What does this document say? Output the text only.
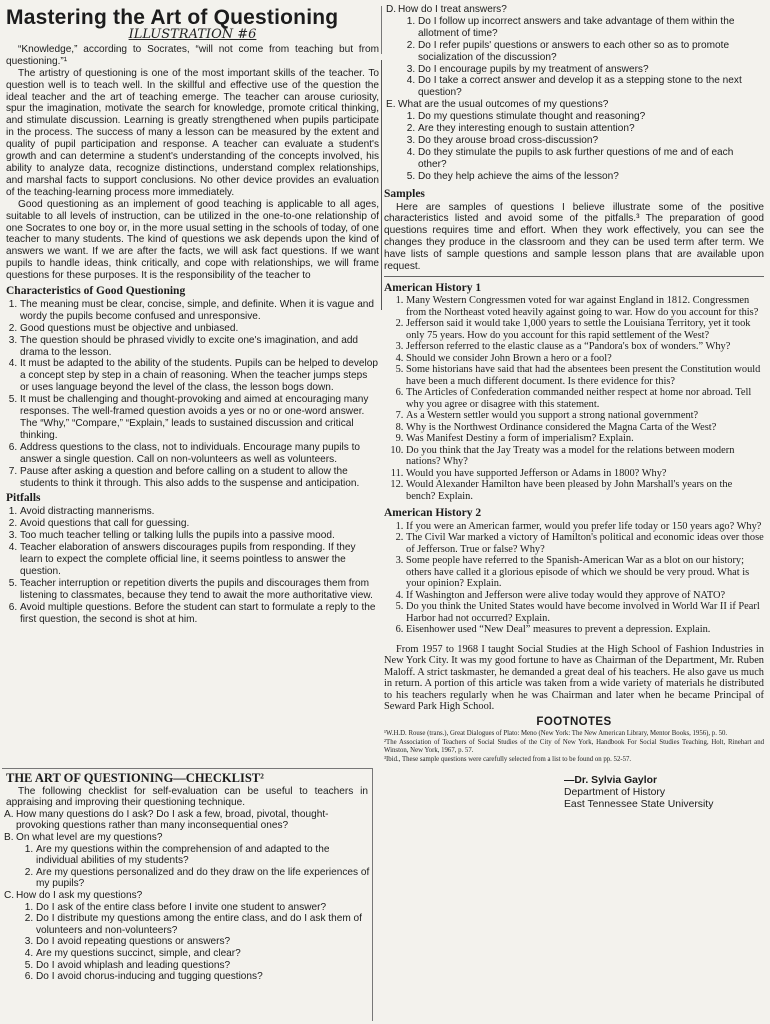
Mastering the Art of Questioning
ILLUSTRATION #6

“Knowledge,” according to Socrates, “will not come from teaching but from questioning.”¹

The artistry of questioning is one of the most important skills of the teacher. To question well is to teach well. In the skillful and effective use of the question the ideal teacher and the art of teaching emerge. The teacher can arouse curiosity, spur the imagination, motivate the search for knowledge, promote critical thinking, and stimulate discussion. Learning is greatly strengthened when pupils participate in the process. The success of many a lesson can be measured by the extent and quality of pupil participation and response. A teacher can evaluate a student's growth and can determine a student's understanding of the concepts involved, his ability to analyze data, recognize distinctions, understand complex relationships, and marshal facts to support conclusions. No other device provides an evaluation of the teaching-learning process more immediately.

Good questioning as an implement of good teaching is applicable to all ages, suitable to all levels of instruction, can be utilized in the one-to-one relationship of one Socrates to one boy or, in the more usual setting in the schools of today, of one teacher to many students. The kind of questions we ask depends upon the kind of answers we want. If we are after the facts, we will ask fact questions. If we want pupils to handle ideas, think critically, and cope with relationships, we will frame questions for these purposes. It is the responsibility of the teacher to

Characteristics of Good Questioning
1. The meaning must be clear, concise, simple, and definite. When it is vague and wordy the pupils become confused and unresponsive.
2. Good questions must be objective and unbiased.
3. The question should be phrased vividly to excite one's imagination, and add drama to the lesson.
4. It must be adapted to the ability of the students. Pupils can be helped to develop a concept step by step in a chain of reasoning. When the teacher jumps steps or uses language beyond the level of the class, the lesson bogs down.
5. It must be challenging and thought-provoking and aimed at encouraging many responses. The well-framed question avoids a yes or no or one-word answer. The “Why,” “Compare,” “Explain,” leads to sustained discussion and critical thinking.
6. Address questions to the class, not to individuals. Encourage many pupils to answer a single question. Call on non-volunteers as well as volunteers.
7. Pause after asking a question and before calling on a student to allow the students to think it through. This also adds to the suspense and anticipation.
Pitfalls
1. Avoid distracting mannerisms.
2. Avoid questions that call for guessing.
3. Too much teacher telling or talking lulls the pupils into a passive mood.
4. Teacher elaboration of answers discourages pupils from responding. If they learn to expect the complete official line, it seems pointless to answer the question.
5. Teacher interruption or repetition diverts the pupils and discourages them from listening to classmates, because they tend to await the more authoritative view.
6. Avoid multiple questions. Before the student can start to formulate a reply to the first question, the second is shot at him.
THE ART OF QUESTIONING—CHECKLIST²

The following checklist for self-evaluation can be useful to teachers in appraising and improving their questioning technique.

A. How many questions do I ask? Do I ask a few, broad, pivotal, thought-provoking questions rather than many inconsequential ones?
B. On what level are my questions?
1. Are my questions within the comprehension of and adapted to the individual abilities of my students?
2. Are my questions personalized and do they draw on the life experiences of my pupils?
C. How do I ask my questions?
1. Do I ask of the entire class before I invite one student to answer?
2. Do I distribute my questions among the entire class, and do I ask them of volunteers and non-volunteers?
3. Do I avoid repeating questions or answers?
4. Are my questions succinct, simple, and clear?
5. Do I avoid whiplash and leading questions?
6. Do I avoid chorus-inducing and tugging questions?
D. How do I treat answers?
1. Do I follow up incorrect answers and take advantage of them within the allotment of time?
2. Do I refer pupils' questions or answers to each other so as to promote socialization of the discussion?
3. Do I encourage pupils by my treatment of answers?
4. Do I take a correct answer and develop it as a stepping stone to the next question?
E. What are the usual outcomes of my questions?
1. Do my questions stimulate thought and reasoning?
2. Are they interesting enough to sustain attention?
3. Do they arouse broad cross-discussion?
4. Do they stimulate the pupils to ask further questions of me and of each other?
5. Do they help achieve the aims of the lesson?
Samples

Here are samples of questions I believe illustrate some of the positive characteristics listed and avoid some of the pitfalls.³ The preparation of good questions requires time and effort. When they work effectively, you can see the changes they produce in the classroom and they can be used term after term. We have lists of sample questions and sample lesson plans that are available upon request.

American History 1
1. Many Western Congressmen voted for war against England in 1812. Congressmen from the Northeast voted heavily against going to war. How do you account for this?
2. Jefferson said it would take 1,000 years to settle the Louisiana Territory, yet it took only 75 years. How do you account for this rapid settlement of the West?
3. Jefferson referred to the elastic clause as a “Pandora's box of wonders.” Why?
4. Should we consider John Brown a hero or a fool?
5. Some historians have said that had the absentees been present the Constitution would have been a much different document. Is there evidence for this?
6. The Articles of Confederation commanded neither respect at home nor abroad. Tell why you agree or disagree with this statement.
7. As a Western settler would you support a strong national government?
8. Why is the Northwest Ordinance considered the Magna Carta of the West?
9. Was Manifest Destiny a form of imperialism? Explain.
10. Do you think that the Jay Treaty was a model for the relations between modern nations? Why?
11. Would you have supported Jefferson or Adams in 1800? Why?
12. Would Alexander Hamilton have been pleased by John Marshall's years on the bench? Explain.
American History 2
1. If you were an American farmer, would you prefer life today or 150 years ago? Why?
2. The Civil War marked a victory of Hamilton's political and economic ideas over those of Jefferson. True or false? Why?
3. Some people have referred to the Spanish-American War as a blot on our history; others have called it a glorious episode of which we should be very proud. What is your opinion? Explain.
4. If Washington and Jefferson were alive today would they approve of NATO?
5. Do you think the United States would have become involved in World War II if Pearl Harbor had not occurred? Explain.
6. Eisenhower used “New Deal” measures to prevent a depression. Explain.

From 1957 to 1968 I taught Social Studies at the High School of Fashion Industries in New York City. It was my good fortune to have as Chairman of the Department, Mr. Ruben Maloff. A strict taskmaster, he demanded a great deal of his teachers. He also gave us much in return. A portion of this article was taken from a wide variety of materials he distributed to his teachers regularly when he was Chairman and later when he became Principal of Seward Park High School.

FOOTNOTES
¹W.H.D. Rouse (trans.), Great Dialogues of Plato: Meno (New York: The New American Library, Mentor Books, 1956), p. 50.
²The Association of Teachers of Social Studies of the City of New York, Handbook For Social Studies Teaching, Holt, Rinehart and Winston, New York, 1967, p. 57.
³Ibid., These sample questions were carefully selected from a list to be found on pp. 52-57.
—Dr. Sylvia Gaylor
Department of History
East Tennessee State University
